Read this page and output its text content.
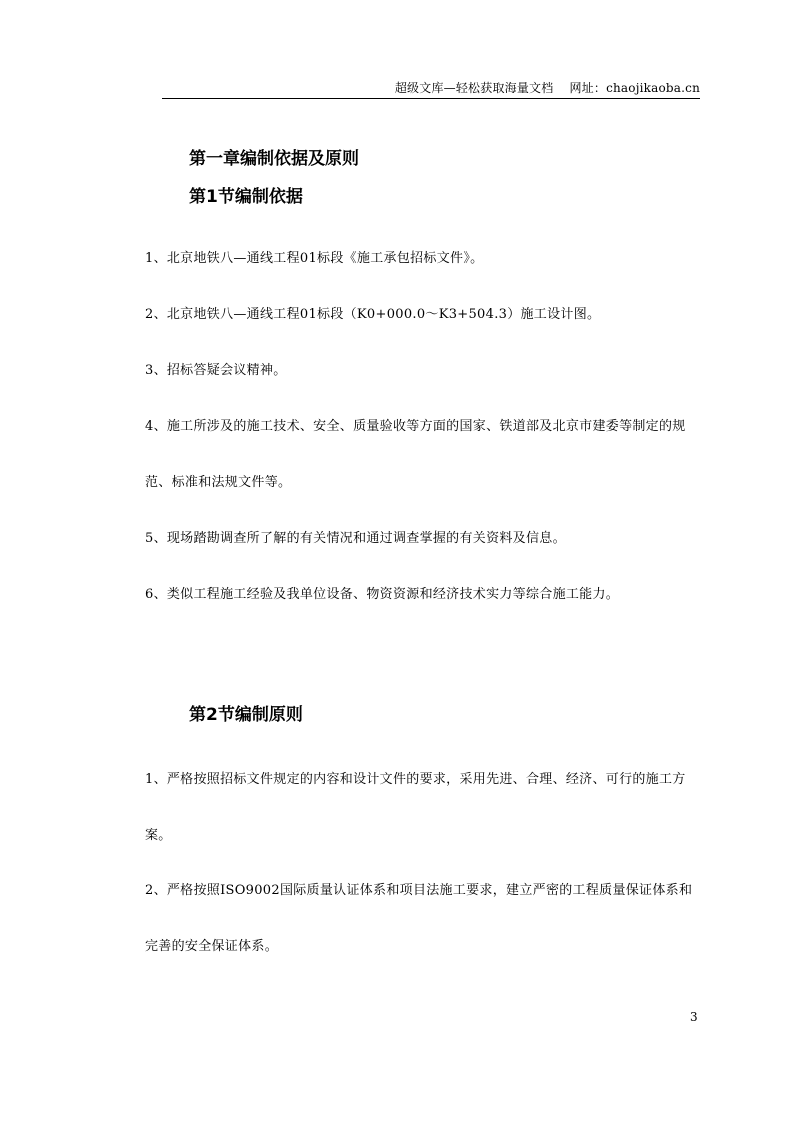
超级文库—轻松获取海量文档 网址：chaojikaoba.cn
第一章编制依据及原则
第1节编制依据
1、北京地铁八—通线工程01标段《施工承包招标文件》。
2、北京地铁八—通线工程01标段（K0+000.0～K3+504.3）施工设计图。
3、招标答疑会议精神。
4、施工所涉及的施工技术、安全、质量验收等方面的国家、铁道部及北京市建委等制定的规
范、标准和法规文件等。
5、现场踏勘调查所了解的有关情况和通过调查掌握的有关资料及信息。
6、类似工程施工经验及我单位设备、物资资源和经济技术实力等综合施工能力。
第2节编制原则
1、严格按照招标文件规定的内容和设计文件的要求，采用先进、合理、经济、可行的施工方
案。
2、严格按照ISO9002国际质量认证体系和项目法施工要求，建立严密的工程质量保证体系和
完善的安全保证体系。
3
